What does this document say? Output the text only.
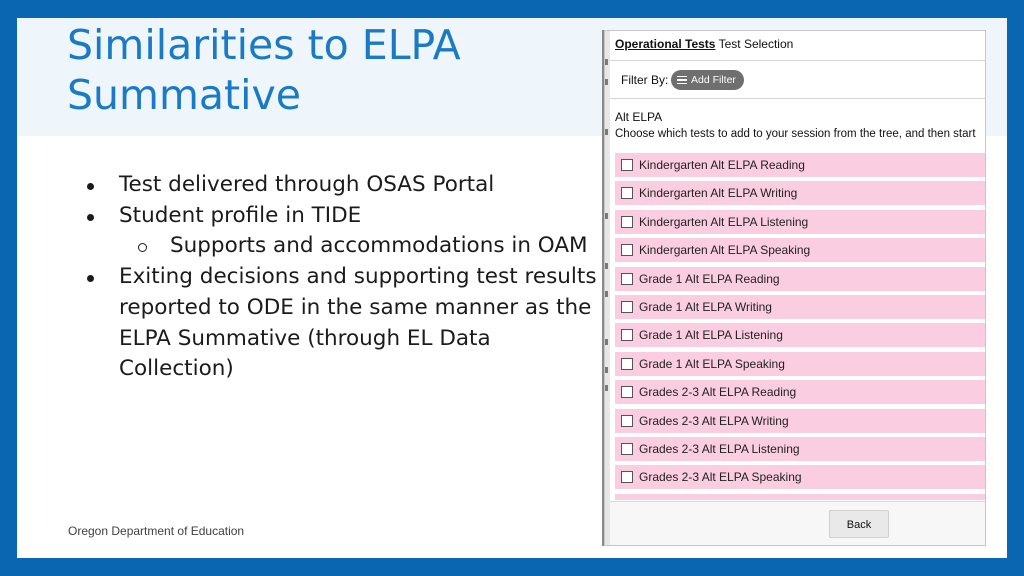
Similarities to ELPA Summative
Test delivered through OSAS Portal
Student profile in TIDE
Supports and accommodations in OAM
Exiting decisions and supporting test results reported to ODE in the same manner as the ELPA Summative (through EL Data Collection)
Oregon Department of Education
Operational Tests Test Selection
Filter By: Add Filter
Alt ELPA
Choose which tests to add to your session from the tree, and then start
Kindergarten Alt ELPA Reading
Kindergarten Alt ELPA Writing
Kindergarten Alt ELPA Listening
Kindergarten Alt ELPA Speaking
Grade 1 Alt ELPA Reading
Grade 1 Alt ELPA Writing
Grade 1 Alt ELPA Listening
Grade 1 Alt ELPA Speaking
Grades 2-3 Alt ELPA Reading
Grades 2-3 Alt ELPA Writing
Grades 2-3 Alt ELPA Listening
Grades 2-3 Alt ELPA Speaking
Back
